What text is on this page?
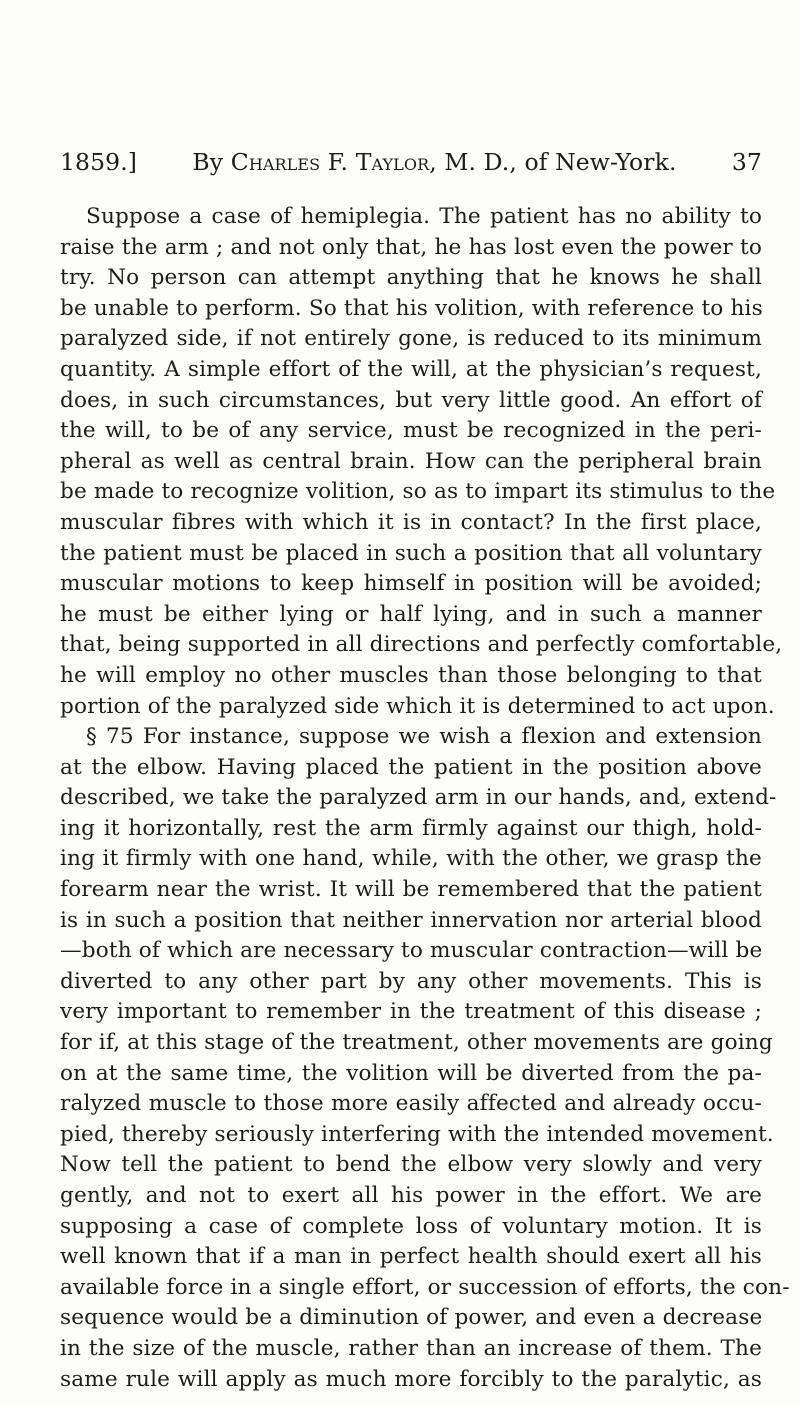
1859.] By Charles F. Taylor, M. D., of New-York. 37
Suppose a case of hemiplegia. The patient has no ability to
raise the arm ; and not only that, he has lost even the power to
try. No person can attempt anything that he knows he shall
be unable to perform. So that his volition, with reference to his
paralyzed side, if not entirely gone, is reduced to its minimum
quantity. A simple effort of the will, at the physician’s request,
does, in such circumstances, but very little good. An effort of
the will, to be of any service, must be recognized in the peri-
pheral as well as central brain. How can the peripheral brain
be made to recognize volition, so as to impart its stimulus to the
muscular fibres with which it is in contact? In the first place,
the patient must be placed in such a position that all voluntary
muscular motions to keep himself in position will be avoided;
he must be either lying or half lying, and in such a manner
that, being supported in all directions and perfectly comfortable,
he will employ no other muscles than those belonging to that
portion of the paralyzed side which it is determined to act upon.
§ 75 For instance, suppose we wish a flexion and extension
at the elbow. Having placed the patient in the position above
described, we take the paralyzed arm in our hands, and, extend-
ing it horizontally, rest the arm firmly against our thigh, hold-
ing it firmly with one hand, while, with the other, we grasp the
forearm near the wrist. It will be remembered that the patient
is in such a position that neither innervation nor arterial blood
—both of which are necessary to muscular contraction—will be
diverted to any other part by any other movements. This is
very important to remember in the treatment of this disease ;
for if, at this stage of the treatment, other movements are going
on at the same time, the volition will be diverted from the pa-
ralyzed muscle to those more easily affected and already occu-
pied, thereby seriously interfering with the intended movement.
Now tell the patient to bend the elbow very slowly and very
gently, and not to exert all his power in the effort. We are
supposing a case of complete loss of voluntary motion. It is
well known that if a man in perfect health should exert all his
available force in a single effort, or succession of efforts, the con-
sequence would be a diminution of power, and even a decrease
in the size of the muscle, rather than an increase of them. The
same rule will apply as much more forcibly to the paralytic, as
